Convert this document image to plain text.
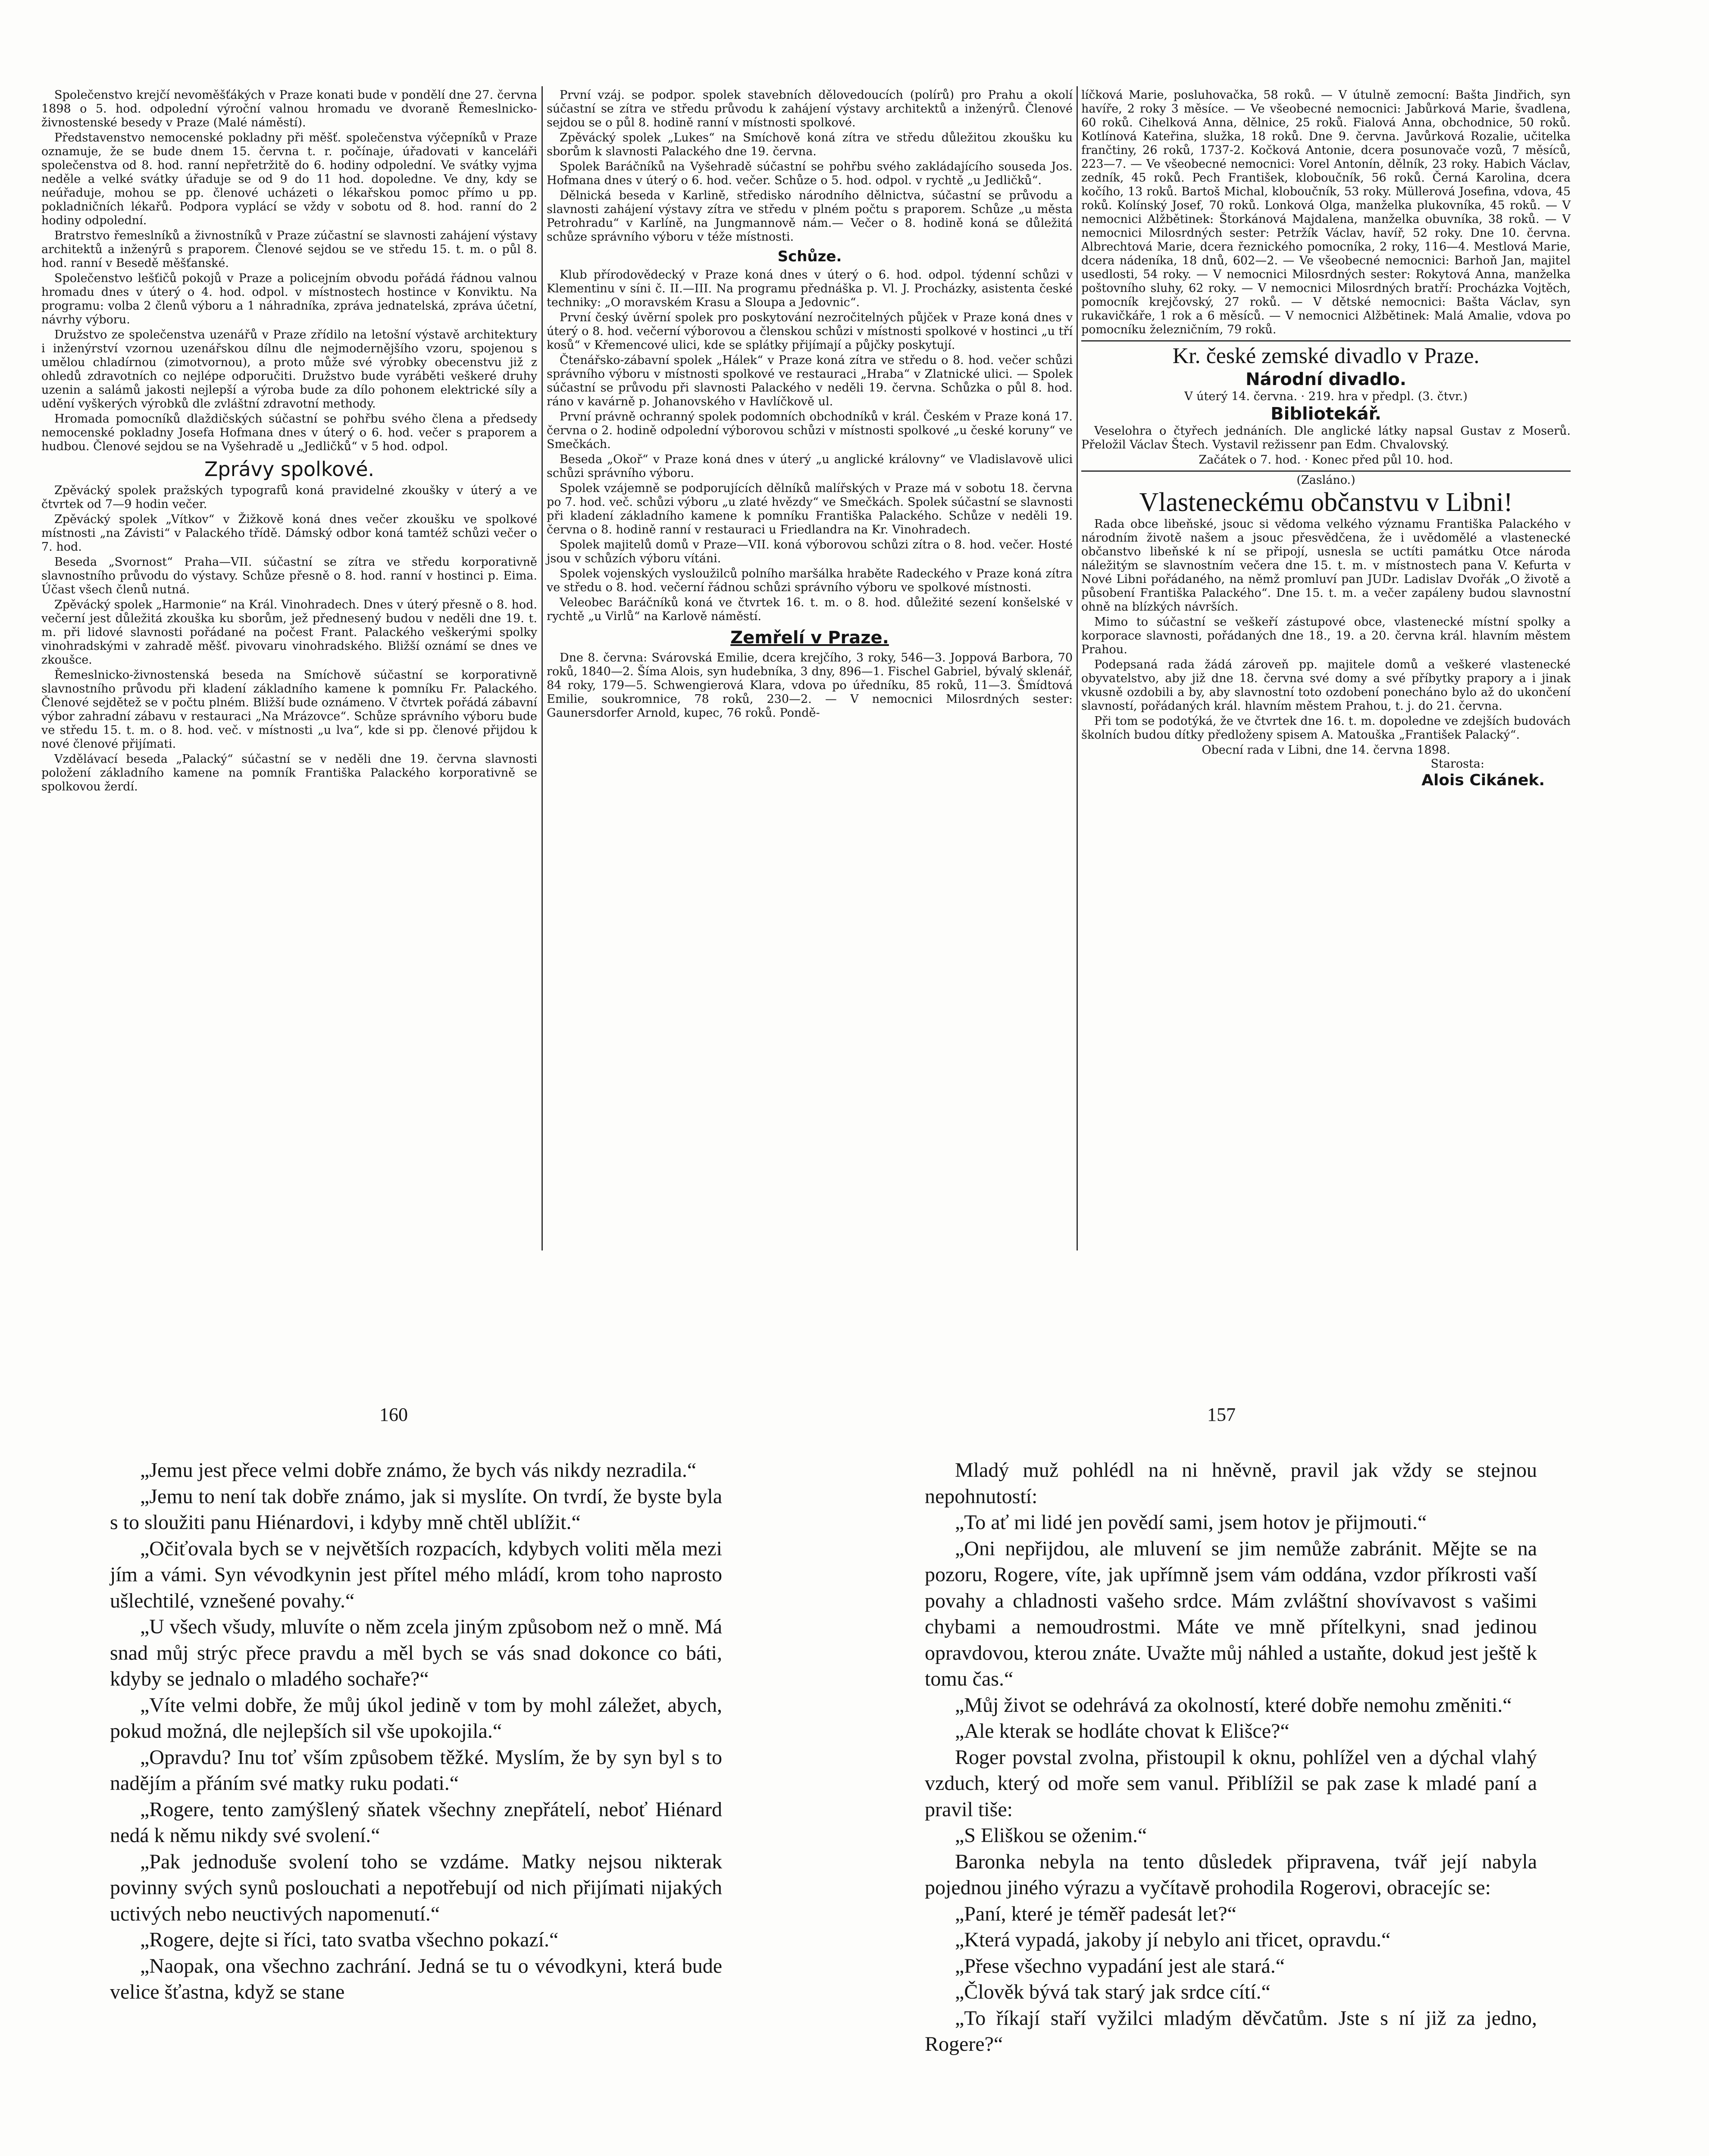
Společenstvo krejčí nevoměšťákých v Praze konati bude v pondělí dne 27. června 1898 o 5. hod. odpolední výroční valnou hromadu ve dvoraně Řemeslnicko-živnostenské besedy v Praze (Malé náměstí).

Představenstvo nemocenské pokladny při měšť. společenstva výčepníků v Praze oznamuje, že se bude dnem 15. června t. r. počínaje, úřadovati v kanceláři společenstva od 8. hod. ranní nepřetržitě do 6. hodiny odpolední. Ve svátky vyjma neděle a velké svátky úřaduje se od 9 do 11 hod. dopoledne. Ve dny, kdy se neúřaduje, mohou se pp. členové ucházeti o lékařskou pomoc přímo u pp. pokladničních lékařů. Podpora vyplácí se vždy v sobotu od 8. hod. ranní do 2 hodiny odpolední.

Bratrstvo řemeslníků a živnostníků v Praze zúčastní se slavnosti zahájení výstavy architektů a inženýrů s praporem. Členové sejdou se ve středu 15. t. m. o půl 8. hod. ranní v Besedě měšťanské.

Společenstvo lešťičů pokojů v Praze a policejním obvodu pořádá řádnou valnou hromadu dnes v úterý o 4. hod. odpol. v místnostech hostince v Konviktu. Na programu: volba 2 členů výboru a 1 náhradníka, zpráva jednatelská, zpráva účetní, návrhy výboru.

Družstvo ze společenstva uzenářů v Praze zřídilo na letošní výstavě architektury i inženýrství vzornou uzenářskou dílnu dle nejmodernějšího vzoru, spojenou s umělou chladírnou (zimotvornou), a proto může své výrobky obecenstvu již z ohledů zdravotních co nejlépe odporučiti. Družstvo bude vyráběti veškeré druhy uzenin a salámů jakosti nejlepší a výroba bude za dílo pohonem elektrické síly a udění vyškerých výrobků dle zvláštní zdravotní methody.

Hromada pomocníků dlaždičských súčastní se pohřbu svého člena a předsedy nemocenské pokladny Josefa Hofmana dnes v úterý o 6. hod. večer s praporem a hudbou. Členové sejdou se na Vyšehradě u „Jedličků“ v 5 hod. odpol.

Zprávy spolkové.

Zpěvácký spolek pražských typografů koná pravidelné zkoušky v úterý a ve čtvrtek od 7—9 hodin večer.

Zpěvácký spolek „Vítkov“ v Žižkově koná dnes večer zkoušku ve spolkové místnosti „na Závisti“ v Palackého třídě. Dámský odbor koná tamtéž schůzi večer o 7. hod.

Beseda „Svornost“ Praha—VII. súčastní se zítra ve středu korporativně slavnostního průvodu do výstavy. Schůze přesně o 8. hod. ranní v hostinci p. Eima. Účast všech členů nutná.

Zpěvácký spolek „Harmonie“ na Král. Vinohradech. Dnes v úterý přesně o 8. hod. večerní jest důležitá zkouška ku sborům, jež přednesený budou v neděli dne 19. t. m. při lidové slavnosti pořádané na počest Frant. Palackého veškerými spolky vinohradskými v zahradě měšť. pivovaru vinohradského. Bližší oznámí se dnes ve zkoušce.

Řemeslnicko-živnostenská beseda na Smíchově súčastní se korporativně slavnostního průvodu při kladení základního kamene k pomníku Fr. Palackého. Členové sejdětež se v počtu plném. Bližší bude oznámeno. V čtvrtek pořádá zábavní výbor zahradní zábavu v restauraci „Na Mrázovce“. Schůze správního výboru bude ve středu 15. t. m. o 8. hod. več. v místnosti „u lva“, kde si pp. členové přijdou k nové členové přijímati.

Vzdělávací beseda „Palacký“ súčastní se v neděli dne 19. června slavnosti položení základního kamene na pomník Františka Palackého korporativně se spolkovou žerdí.

První vzáj. se podpor. spolek stavebních dělovedoucích (polírů) pro Prahu a okolí súčastní se zítra ve středu průvodu k zahájení výstavy architektů a inženýrů. Členové sejdou se o půl 8. hodině ranní v místnosti spolkové.

Zpěvácký spolek „Lukes“ na Smíchově koná zítra ve středu důležitou zkoušku ku sborům k slavnosti Palackého dne 19. června.

Spolek Baráčníků na Vyšehradě súčastní se pohřbu svého zakládajícího souseda Jos. Hofmana dnes v úterý o 6. hod. večer. Schůze o 5. hod. odpol. v rychtě „u Jedličků“.

Dělnická beseda v Karlině, středisko národního dělnictva, súčastní se průvodu a slavnosti zahájení výstavy zítra ve středu v plném počtu s praporem. Schůze „u města Petrohradu“ v Karlíně, na Jungmannově nám.— Večer o 8. hodině koná se důležitá schůze správního výboru v téže místnosti.

Schůze.

Klub přírodovědecký v Praze koná dnes v úterý o 6. hod. odpol. týdenní schůzi v Klementinu v síni č. II.—III. Na programu přednáška p. Vl. J. Procházky, asistenta české techniky: „O moravském Krasu a Sloupa a Jedovnic“.

První český úvěrní spolek pro poskytování nezročitelných půjček v Praze koná dnes v úterý o 8. hod. večerní výborovou a členskou schůzi v místnosti spolkové v hostinci „u tří kosů“ v Křemencové ulici, kde se splátky přijímají a půjčky poskytují.

Čtenářsko-zábavní spolek „Hálek“ v Praze koná zítra ve středu o 8. hod. večer schůzi správního výboru v místnosti spolkové ve restauraci „Hraba“ v Zlatnické ulici. — Spolek súčastní se průvodu při slavnosti Palackého v neděli 19. června. Schůzka o půl 8. hod. ráno v kavárně p. Johanovského v Havlíčkově ul.

První právně ochranný spolek podomních obchodníků v král. Českém v Praze koná 17. června o 2. hodině odpolední výborovou schůzi v místnosti spolkové „u české koruny“ ve Smečkách.

Beseda „Okoř“ v Praze koná dnes v úterý „u anglické královny“ ve Vladislavově ulici schůzi správního výboru.

Spolek vzájemně se podporujících dělníků malířských v Praze má v sobotu 18. června po 7. hod. več. schůzi výboru „u zlaté hvězdy“ ve Smečkách. Spolek súčastní se slavnosti při kladení základního kamene k pomníku Františka Palackého. Schůze v neděli 19. června o 8. hodině ranní v restauraci u Friedlandra na Kr. Vinohradech.

Spolek majitelů domů v Praze—VII. koná výborovou schůzi zítra o 8. hod. večer. Hosté jsou v schůzích výboru vítáni.

Spolek vojenských vysloužilců polního maršálka hraběte Radeckého v Praze koná zítra ve středu o 8. hod. večerní řádnou schůzi správního výboru ve spolkové místnosti.

Veleobec Baráčníků koná ve čtvrtek 16. t. m. o 8. hod. důležité sezení konšelské v rychtě „u Virlů“ na Karlově náměstí.

Zemřelí v Praze.

Dne 8. června: Svárovská Emilie, dcera krejčího, 3 roky, 546—3. Joppová Barbora, 70 roků, 1840—2. Šíma Alois, syn hudebníka, 3 dny, 896—1. Fischel Gabriel, bývalý sklenář, 84 roky, 179—5. Schwengierová Klara, vdova po úředníku, 85 roků, 11—3. Šmídtová Emilie, soukromnice, 78 roků, 230—2. — V nemocnici Milosrdných sester: Gaunersdorfer Arnold, kupec, 76 roků. Pondě-

líčková Marie, posluhovačka, 58 roků. — V útulně zemocní: Bašta Jindřich, syn havíře, 2 roky 3 měsíce. — Ve všeobecné nemocnici: Jabůrková Marie, švadlena, 60 roků. Cihelková Anna, dělnice, 25 roků. Fialová Anna, obchodnice, 50 roků. Kotlínová Kateřina, služka, 18 roků. Dne 9. června. Javůrková Rozalie, učitelka frančtiny, 26 roků, 1737-2. Kočková Antonie, dcera posunovače vozů, 7 měsíců, 223—7. — Ve všeobecné nemocnici: Vorel Antonín, dělník, 23 roky. Habich Václav, zedník, 45 roků. Pech František, kloboučník, 56 roků. Černá Karolina, dcera kočího, 13 roků. Bartoš Michal, kloboučník, 53 roky. Müllerová Josefina, vdova, 45 roků. Kolínský Josef, 70 roků. Lonková Olga, manželka plukovníka, 45 roků. — V nemocnici Alžbětinek: Štorkánová Majdalena, manželka obuvníka, 38 roků. — V nemocnici Milosrdných sester: Petržík Václav, havíř, 52 roky. Dne 10. června. Albrechtová Marie, dcera řeznického pomocníka, 2 roky, 116—4. Mestlová Marie, dcera nádeníka, 18 dnů, 602—2. — Ve všeobecné nemocnici: Barhoň Jan, majitel usedlosti, 54 roky. — V nemocnici Milosrdných sester: Rokytová Anna, manželka poštovního sluhy, 62 roky. — V nemocnici Milosrdných bratří: Procházka Vojtěch, pomocník krejčovský, 27 roků. — V dětské nemocnici: Bašta Václav, syn rukavičkáře, 1 rok a 6 měsíců. — V nemocnici Alžbětinek: Malá Amalie, vdova po pomocníku železničním, 79 roků.

Kr. české zemské divadlo v Praze.
Národní divadlo.
V úterý 14. června. · 219. hra v předpl. (3. čtvr.)
Bibliotekář.

Veselohra o čtyřech jednáních. Dle anglické látky napsal Gustav z Moserů. Přeložil Václav Štech. Vystavil režissenr pan Edm. Chvalovský.

Začátek o 7. hod. · Konec před půl 10. hod.
(Zasláno.)
Vlasteneckému občanstvu v Libni!

Rada obce libeňské, jsouc si vědoma velkého významu Františka Palackého v národním životě našem a jsouc přesvědčena, že i uvědomělé a vlastenecké občanstvo libeňské k ní se připojí, usnesla se uctíti památku Otce národa náležitým se slavnostním večera dne 15. t. m. v místnostech pana V. Kefurta v Nové Libni pořádaného, na němž promluví pan JUDr. Ladislav Dvořák „O životě a působení Františka Palackého“. Dne 15. t. m. a večer zapáleny budou slavnostní ohně na blízkých návrších.

Mimo to súčastní se veškeří zástupové obce, vlastenecké místní spolky a korporace slavnosti, pořádaných dne 18., 19. a 20. června král. hlavním městem Prahou.

Podepsaná rada žádá zároveň pp. majitele domů a veškeré vlastenecké obyvatelstvo, aby již dne 18. června své domy a své příbytky prapory a i jinak vkusně ozdobili a by, aby slavnostní toto ozdobení ponecháno bylo až do ukončení slavností, pořádaných král. hlavním městem Prahou, t. j. do 21. června.

Při tom se podotýká, že ve čtvrtek dne 16. t. m. dopoledne ve zdejších budovách školních budou dítky předloženy spisem A. Matouška „František Palacký“.

Obecní rada v Libni, dne 14. června 1898.
Starosta:
Alois Cikánek.
160	157

„Jemu jest přece velmi dobře známo, že bych vás nikdy nezradila.“

„Jemu to není tak dobře známo, jak si myslíte. On tvrdí, že byste byla s to sloužiti panu Hiénardovi, i kdyby mně chtěl ublížit.“

„Očiťovala bych se v největších rozpacích, kdybych voliti měla mezi jím a vámi. Syn vévodkynin jest přítel mého mládí, krom toho naprosto ušlechtilé, vznešené povahy.“

„U všech všudy, mluvíte o něm zcela jiným způsobom než o mně. Má snad můj strýc přece pravdu a měl bych se vás snad dokonce co báti, kdyby se jednalo o mladého sochaře?“

„Víte velmi dobře, že můj úkol jedině v tom by mohl záležet, abych, pokud možná, dle nejlepších sil vše upokojila.“

„Opravdu? Inu toť vším způsobem těžké. Myslím, že by syn byl s to nadějím a přáním své matky ruku podati.“

„Rogere, tento zamýšlený sňatek všechny znepřátelí, neboť Hiénard nedá k němu nikdy své svolení.“

„Pak jednoduše svolení toho se vzdáme. Matky nejsou nikterak povinny svých synů poslouchati a nepotřebují od nich přijímati nijakých uctivých nebo neuctivých napomenutí.“

„Rogere, dejte si říci, tato svatba všechno pokazí.“

„Naopak, ona všechno zachrání. Jedná se tu o vévodkyni, která bude velice šťastna, když se stane

Mladý muž pohlédl na ni hněvně, pravil jak vždy se stejnou nepohnutostí:

„To ať mi lidé jen povědí sami, jsem hotov je přijmouti.“

„Oni nepřijdou, ale mluvení se jim nemůže zabránit. Mějte se na pozoru, Rogere, víte, jak upřímně jsem vám oddána, vzdor příkrosti vaší povahy a chladnosti vašeho srdce. Mám zvláštní shovívavost s vašimi chybami a nemoudrostmi. Máte ve mně přítelkyni, snad jedinou opravdovou, kterou znáte. Uvažte můj náhled a ustaňte, dokud jest ještě k tomu čas.“

„Můj život se odehrává za okolností, které dobře nemohu změniti.“

„Ale kterak se hodláte chovat k Elišce?“

Roger povstal zvolna, přistoupil k oknu, pohlížel ven a dýchal vlahý vzduch, který od moře sem vanul. Přiblížil se pak zase k mladé paní a pravil tiše:

„S Eliškou se oženim.“

Baronka nebyla na tento důsledek připravena, tvář její nabyla pojednou jiného výrazu a vyčítavě prohodila Rogerovi, obracejíc se:

„Paní, které je téměř padesát let?“

„Která vypadá, jakoby jí nebylo ani třicet, opravdu.“

„Přese všechno vypadání jest ale stará.“

„Člověk bývá tak starý jak srdce cítí.“

„To říkají staří vyžilci mladým děvčatům. Jste s ní již za jedno, Rogere?“
